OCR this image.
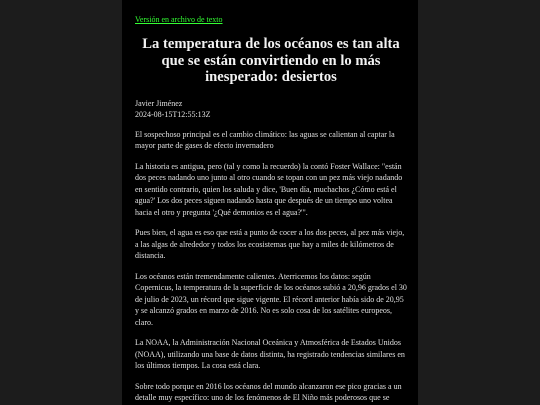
Versión en archivo de texto
La temperatura de los océanos es tan alta que se están convirtiendo en lo más inesperado: desiertos
Javier Jiménez
2024-08-15T12:55:13Z

El sospechoso principal es el cambio climático: las aguas se calientan al captar la mayor parte de gases de efecto invernadero

La historia es antigua, pero (tal y como la recuerdo) la contó Foster Wallace: "están dos peces nadando uno junto al otro cuando se topan con un pez más viejo nadando en sentido contrario, quien los saluda y dice, 'Buen día, muchachos ¿Cómo está el agua?' Los dos peces siguen nadando hasta que después de un tiempo uno voltea hacia el otro y pregunta '¿Qué demonios es el agua?'".

Pues bien, el agua es eso que está a punto de cocer a los dos peces, al pez más viejo, a las algas de alrededor y todos los ecosistemas que hay a miles de kilómetros de distancia.

Los océanos están tremendamente calientes. Aterricemos los datos: según Copernicus, la temperatura de la superficie de los océanos subió a 20,96 grados el 30 de julio de 2023, un récord que sigue vigente. El récord anterior había sido de 20,95 y se alcanzó grados en marzo de 2016. No es solo cosa de los satélites europeos, claro.

La NOAA, la Administración Nacional Oceánica y Atmosférica de Estados Unidos (NOAA), utilizando una base de datos distinta, ha registrado tendencias similares en los últimos tiempos. La cosa está clara.

Sobre todo porque en 2016 los océanos del mundo alcanzaron ese pico gracias a un detalle muy específico: uno de los fenómenos de El Niño más poderosos que se
